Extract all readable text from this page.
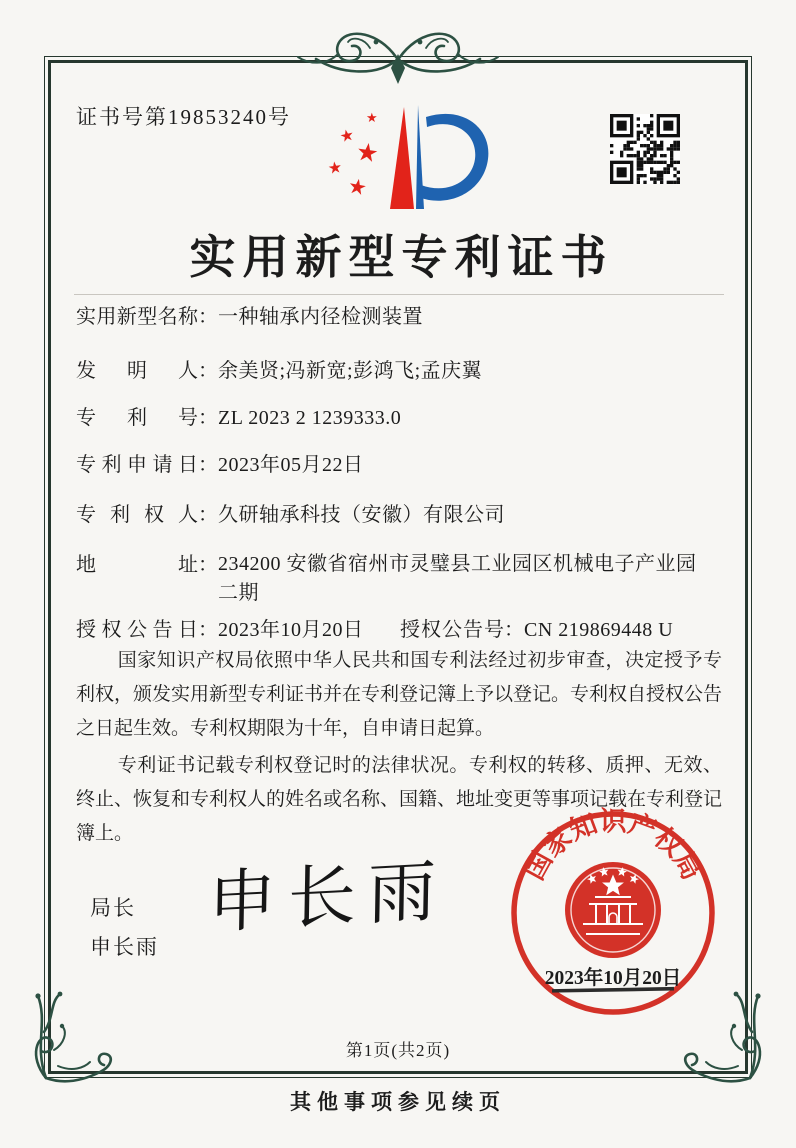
证书号第19853240号	★
★
★
★
★
实用新型专利证书
实用新型名称 ： 一种轴承内径检测装置
发明人 ： 余美贤;冯新宽;彭鸿飞;孟庆翼
专利号 ： ZL 2023 2 1239333.0
专利申请日 ： 2023年05月22日
专利权人 ： 久研轴承科技（安徽）有限公司
地址 ： 234200 安徽省宿州市灵璧县工业园区机械电子产业园二期
授权公告日 ： 2023年10月20日	授权公告号 ： CN 219869448 U

国家知识产权局依照中华人民共和国专利法经过初步审查，决定授予专利权，颁发实用新型专利证书并在专利登记簿上予以登记。专利权自授权公告之日起生效。专利权期限为十年，自申请日起算。

专利证书记载专利权登记时的法律状况。专利权的转移、质押、无效、终止、恢复和专利权人的姓名或名称、国籍、地址变更等事项记载在专利登记簿上。

局长
申长雨
申长雨	国家知识产权局
2023年10月20日
第1页(共2页)
其他事项参见续页
